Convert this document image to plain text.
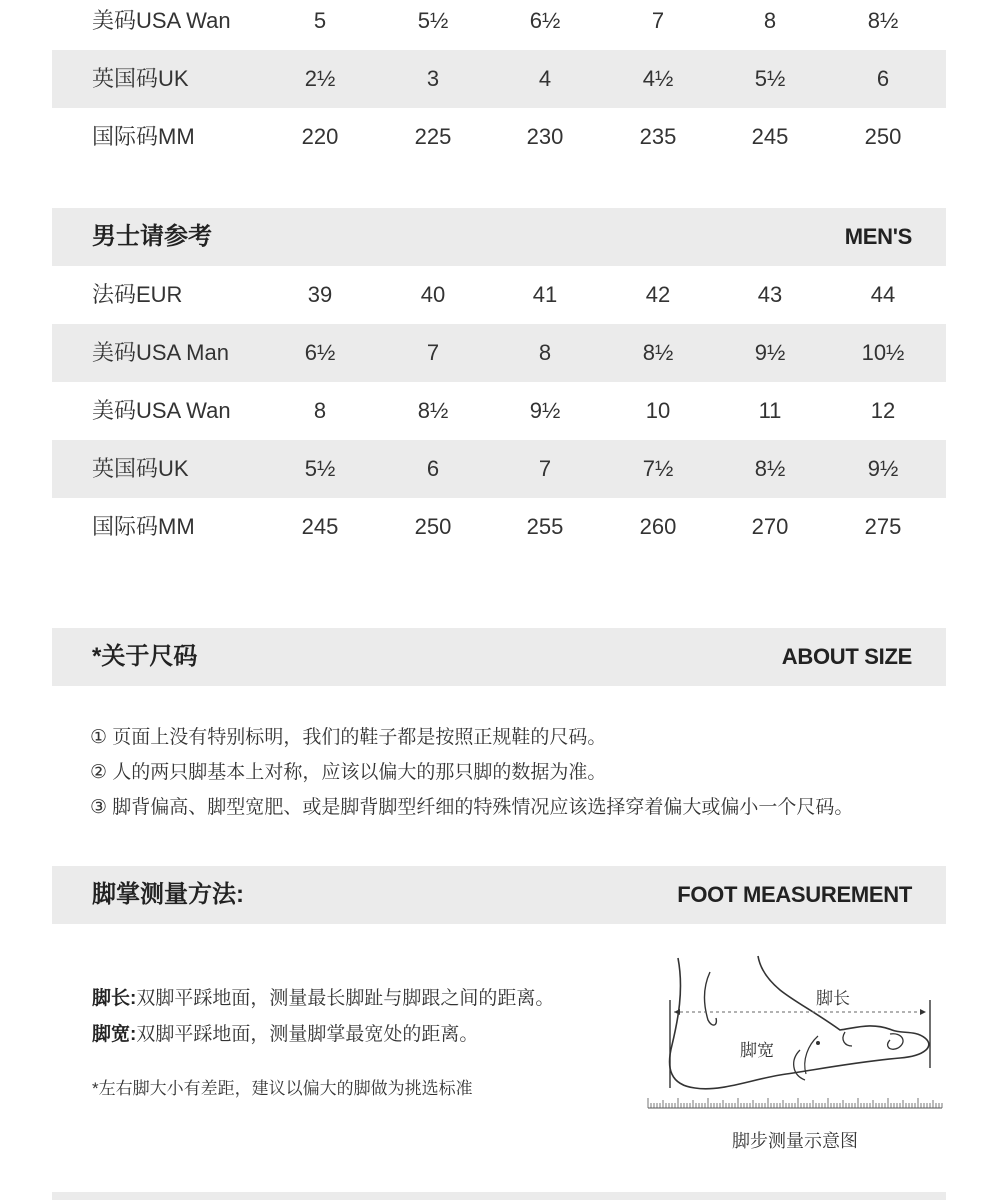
美码USA Wan	5	5½	6½	7	8	8½
英国码UK	2½	3	4	4½	5½	6
国际码MM	220	225	230	235	245	250
男士请参考	MEN'S
法码EUR	39	40	41	42	43	44
美码USA Man	6½	7	8	8½	9½	10½
美码USA Wan	8	8½	9½	10	11	12
英国码UK	5½	6	7	7½	8½	9½
国际码MM	245	250	255	260	270	275
*关于尺码	ABOUT SIZE
① 页面上没有特别标明，我们的鞋子都是按照正规鞋的尺码。
② 人的两只脚基本上对称，应该以偏大的那只脚的数据为准。
③ 脚背偏高、脚型宽肥、或是脚背脚型纤细的特殊情况应该选择穿着偏大或偏小一个尺码。
脚掌测量方法:	FOOT MEASUREMENT
脚长:双脚平踩地面，测量最长脚趾与脚跟之间的距离。
脚宽:双脚平踩地面，测量脚掌最宽处的距离。
*左右脚大小有差距，建议以偏大的脚做为挑选标准
脚长
脚宽
脚步测量示意图
